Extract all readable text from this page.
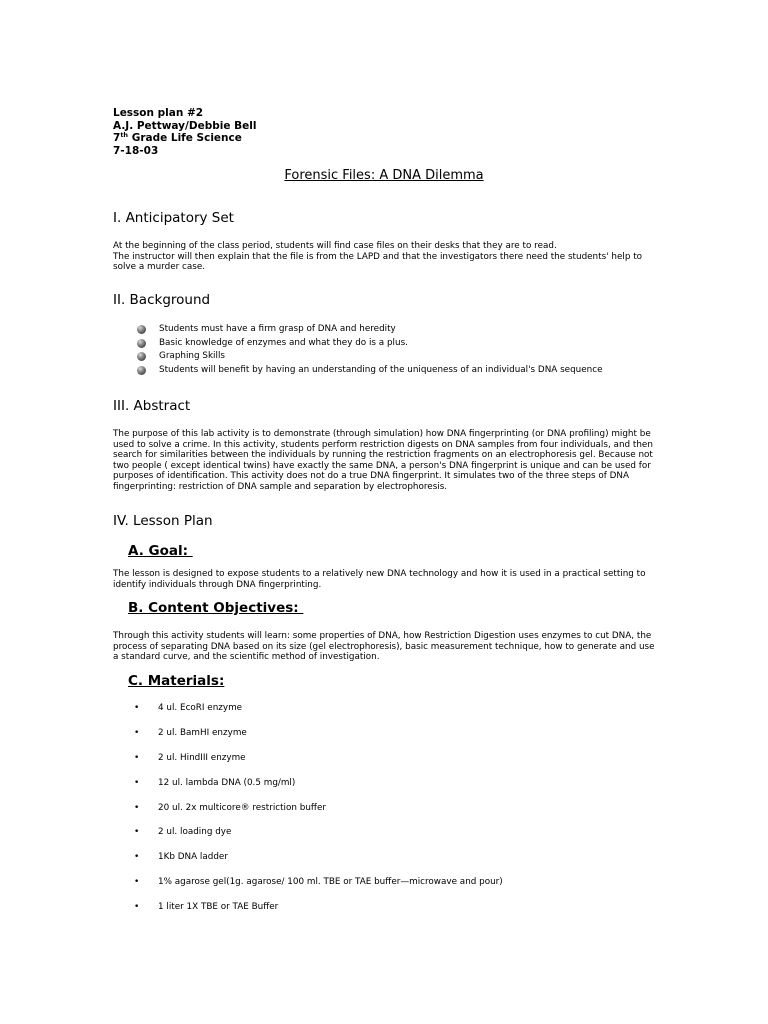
Lesson plan #2
A.J. Pettway/Debbie Bell
7th Grade Life Science
7-18-03
Forensic Files: A DNA Dilemma
I. Anticipatory Set
At the beginning of the class period, students will find case files on their desks that they are to read.
The instructor will then explain that the file is from the LAPD and that the investigators there need the students' help to
solve a murder case.
II. Background
Students must have a firm grasp of DNA and heredity
Basic knowledge of enzymes and what they do is a plus.
Graphing Skills
Students will benefit by having an understanding of the uniqueness of an individual's DNA sequence
III. Abstract
The purpose of this lab activity is to demonstrate (through simulation) how DNA fingerprinting (or DNA profiling) might be
used to solve a crime. In this activity, students perform restriction digests on DNA samples from four individuals, and then
search for similarities between the individuals by running the restriction fragments on an electrophoresis gel. Because not
two people ( except identical twins) have exactly the same DNA, a person's DNA fingerprint is unique and can be used for
purposes of identification. This activity does not do a true DNA fingerprint. It simulates two of the three steps of DNA
fingerprinting: restriction of DNA sample and separation by electrophoresis.
IV. Lesson Plan
A. Goal:
The lesson is designed to expose students to a relatively new DNA technology and how it is used in a practical setting to
identify individuals through DNA fingerprinting.
B. Content Objectives:
Through this activity students will learn: some properties of DNA, how Restriction Digestion uses enzymes to cut DNA, the
process of separating DNA based on its size (gel electrophoresis), basic measurement technique, how to generate and use
a standard curve, and the scientific method of investigation.
C. Materials:
• 4 ul. EcoRI enzyme
• 2 ul. BamHI enzyme
• 2 ul. HindIII enzyme
• 12 ul. lambda DNA (0.5 mg/ml)
• 20 ul. 2x multicore® restriction buffer
• 2 ul. loading dye
• 1Kb DNA ladder
• 1% agarose gel(1g. agarose/ 100 ml. TBE or TAE buffer—microwave and pour)
• 1 liter 1X TBE or TAE Buffer
